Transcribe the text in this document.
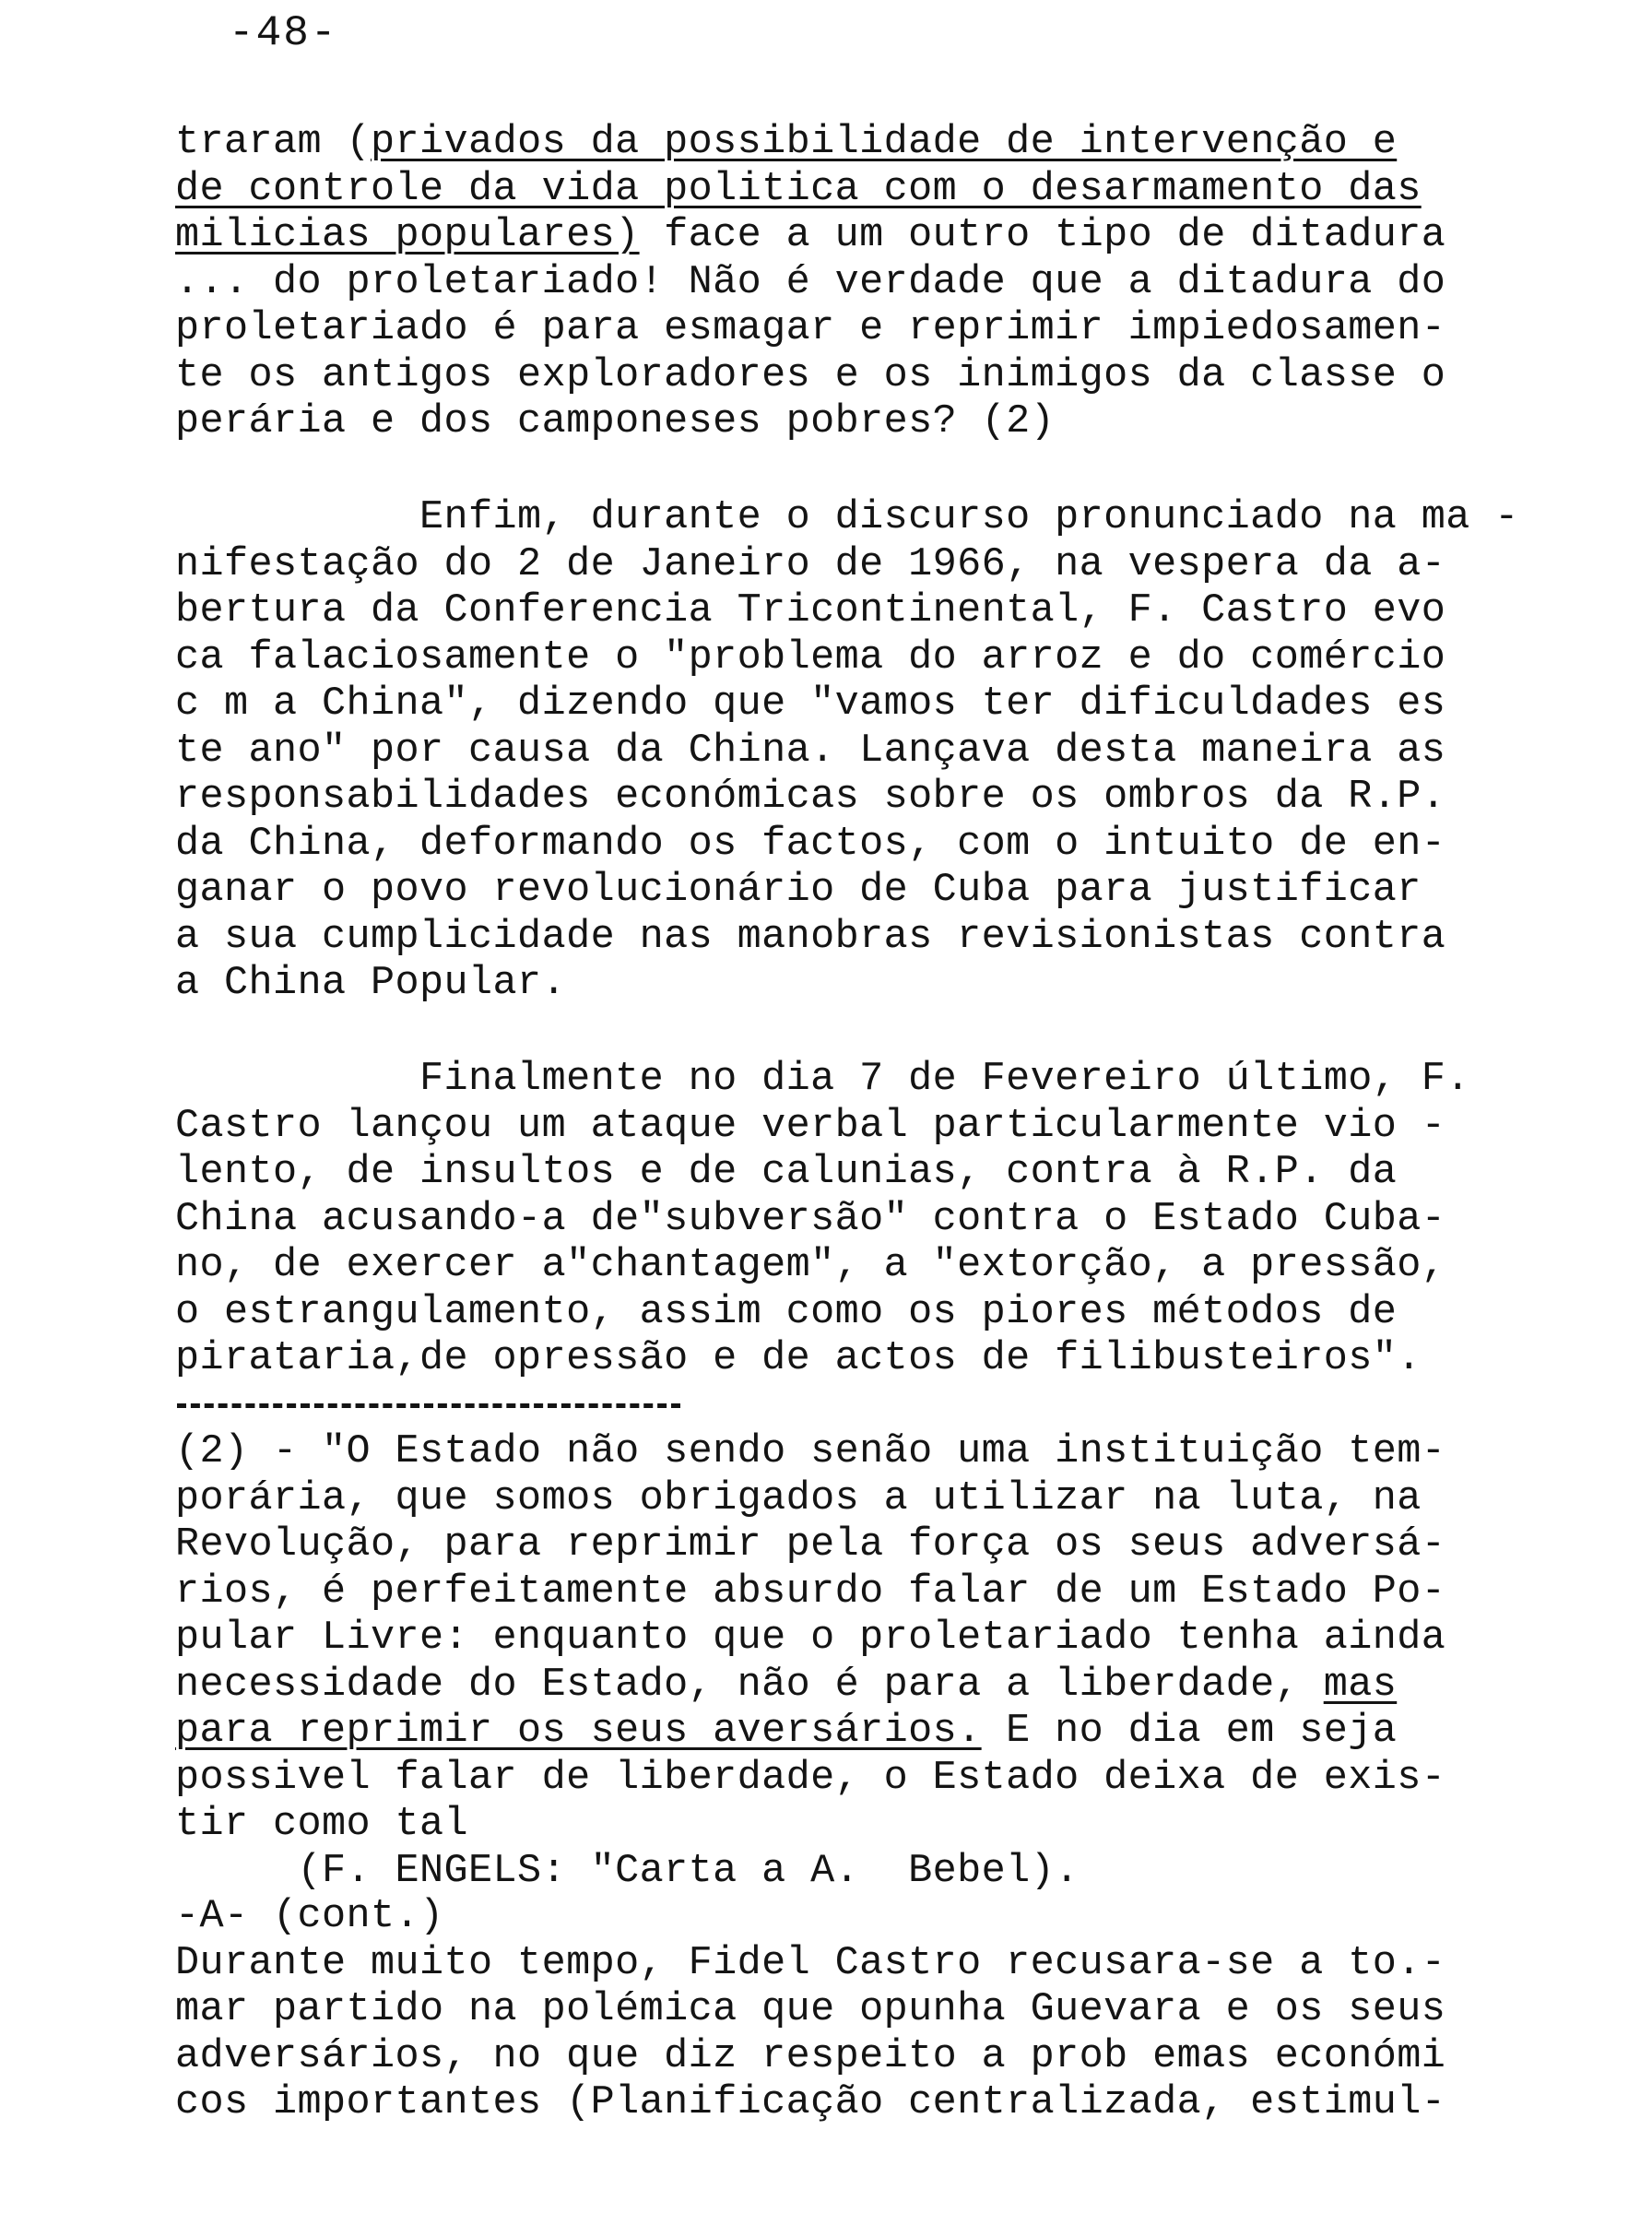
-48-
traram (privados da possibilidade de intervenção e
de controle da vida politica com o desarmamento das
milicias populares) face a um outro tipo de ditadura
... do proletariado! Não é verdade que a ditadura do
proletariado é para esmagar e reprimir impiedosamen-
te os antigos exploradores e os inimigos da classe o
perária e dos camponeses pobres? (2)
Enfim, durante o discurso pronunciado na ma -
nifestação do 2 de Janeiro de 1966, na vespera da a-
bertura da Conferencia Tricontinental, F. Castro evo
ca falaciosamente o "problema do arroz e do comércio
c m a China", dizendo que "vamos ter dificuldades es
te ano" por causa da China. Lançava desta maneira as
responsabilidades económicas sobre os ombros da R.P.
da China, deformando os factos, com o intuito de en-
ganar o povo revolucionário de Cuba para justificar
a sua cumplicidade nas manobras revisionistas contra
a China Popular.
Finalmente no dia 7 de Fevereiro último, F.
Castro lançou um ataque verbal particularmente vio -
lento, de insultos e de calunias, contra à R.P. da
China acusando-a de"subversão" contra o Estado Cuba-
no, de exercer a"chantagem", a "extorção, a pressão,
o estrangulamento, assim como os piores métodos de
pirataria,de opressão e de actos de filibusteiros".
(2) - "O Estado não sendo senão uma instituição tem-
porária, que somos obrigados a utilizar na luta, na
Revolução, para reprimir pela força os seus adversá-
rios, é perfeitamente absurdo falar de um Estado Po-
pular Livre: enquanto que o proletariado tenha ainda
necessidade do Estado, não é para a liberdade, mas
para reprimir os seus aversários. E no dia em seja
possivel falar de liberdade, o Estado deixa de exis-
tir como tal
(F. ENGELS: "Carta a A.  Bebel).
-A- (cont.)
Durante muito tempo, Fidel Castro recusara-se a to.-
mar partido na polémica que opunha Guevara e os seus
adversários, no que diz respeito a prob emas económi
cos importantes (Planificação centralizada, estimul-
